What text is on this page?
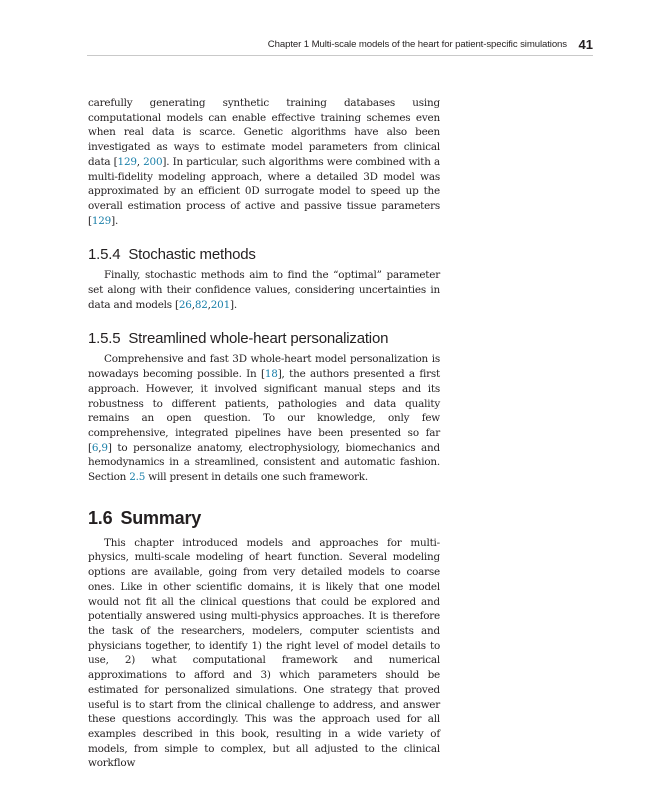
Chapter 1 Multi-scale models of the heart for patient-specific simulations 41

carefully generating synthetic training databases using computational models can enable effective training schemes even when real data is scarce. Genetic algorithms have also been investigated as ways to estimate model parameters from clinical data [129, 200]. In particular, such algorithms were combined with a multi-fidelity modeling approach, where a detailed 3D model was approximated by an efficient 0D surrogate model to speed up the overall estimation process of active and passive tissue parameters [129].

1.5.4 Stochastic methods

Finally, stochastic methods aim to find the “optimal” parameter set along with their confidence values, considering uncertainties in data and models [26,82,201].

1.5.5 Streamlined whole-heart personalization

Comprehensive and fast 3D whole-heart model personalization is nowadays becoming possible. In [18], the authors presented a first approach. However, it involved significant manual steps and its robustness to different patients, pathologies and data quality remains an open question. To our knowledge, only few comprehensive, integrated pipelines have been presented so far [6,9] to personalize anatomy, electrophysiology, biomechanics and hemodynamics in a streamlined, consistent and automatic fashion. Section 2.5 will present in details one such framework.

1.6 Summary

This chapter introduced models and approaches for multi-physics, multi-scale modeling of heart function. Several modeling options are available, going from very detailed models to coarse ones. Like in other scientific domains, it is likely that one model would not fit all the clinical questions that could be explored and potentially answered using multi-physics approaches. It is therefore the task of the researchers, modelers, computer scientists and physicians together, to identify 1) the right level of model details to use, 2) what computational framework and numerical approximations to afford and 3) which parameters should be estimated for personalized simulations. One strategy that proved useful is to start from the clinical challenge to address, and answer these questions accordingly. This was the approach used for all examples described in this book, resulting in a wide variety of models, from simple to complex, but all adjusted to the clinical workflow
